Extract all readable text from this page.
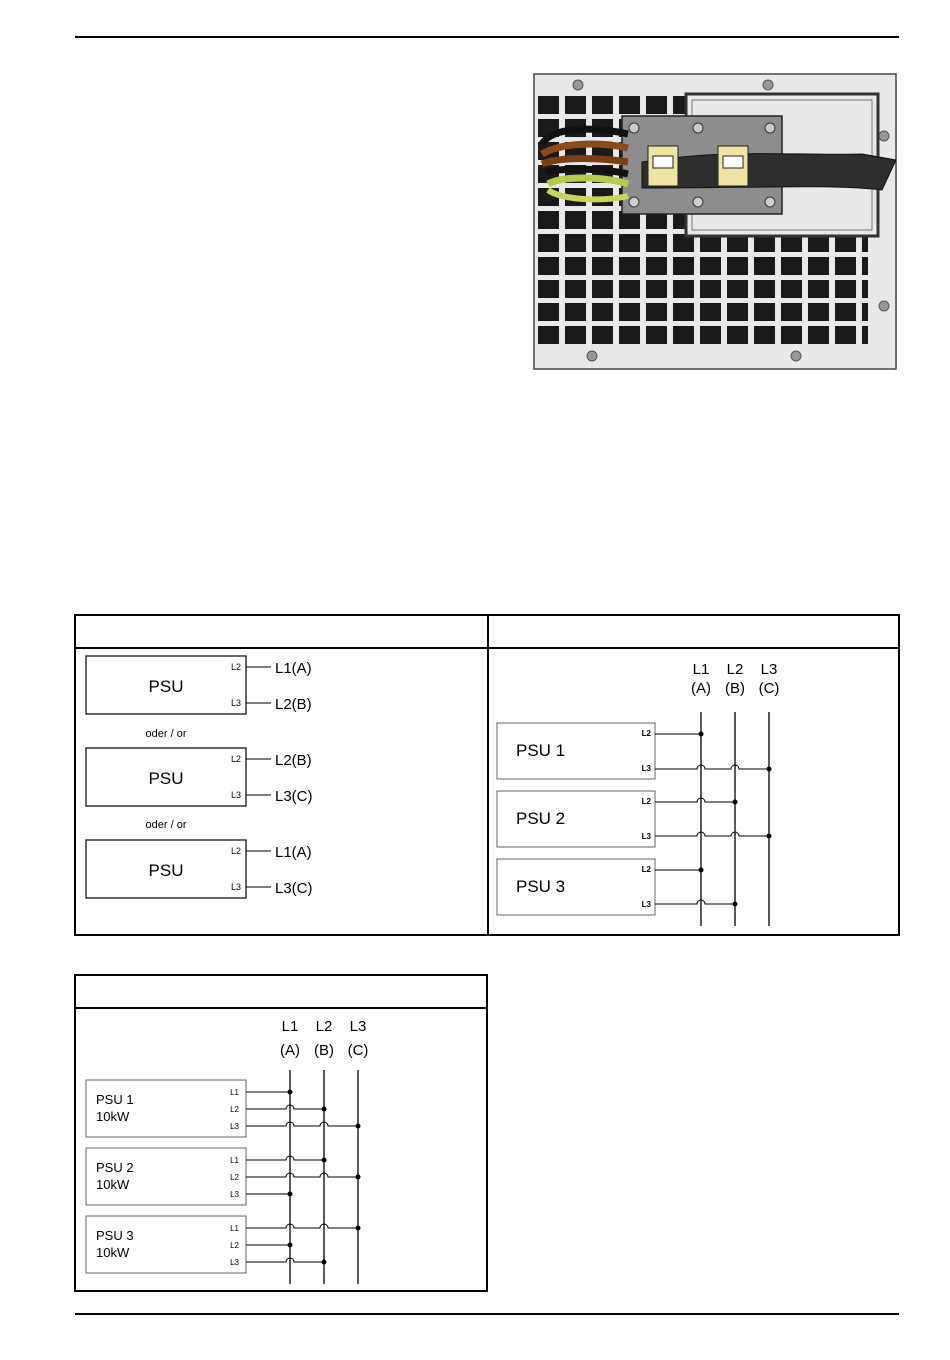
PSU
L2
L3
L1(A)
L2(B)
oder / or
PSU
L2
L3
L2(B)
L3(C)
oder / or
PSU
L2
L3
L1(A)
L3(C)
L1
(A)
L2
(B)
L3
(C)
PSU 1
L2
L3
PSU 2
L2
L3
PSU 3
L2
L3
L1
(A)
L2
(B)
L3
(C)
PSU 1
10kW
L1
L2
L3
PSU 2
10kW
L1
L2
L3
PSU 3
10kW
L1
L2
L3
